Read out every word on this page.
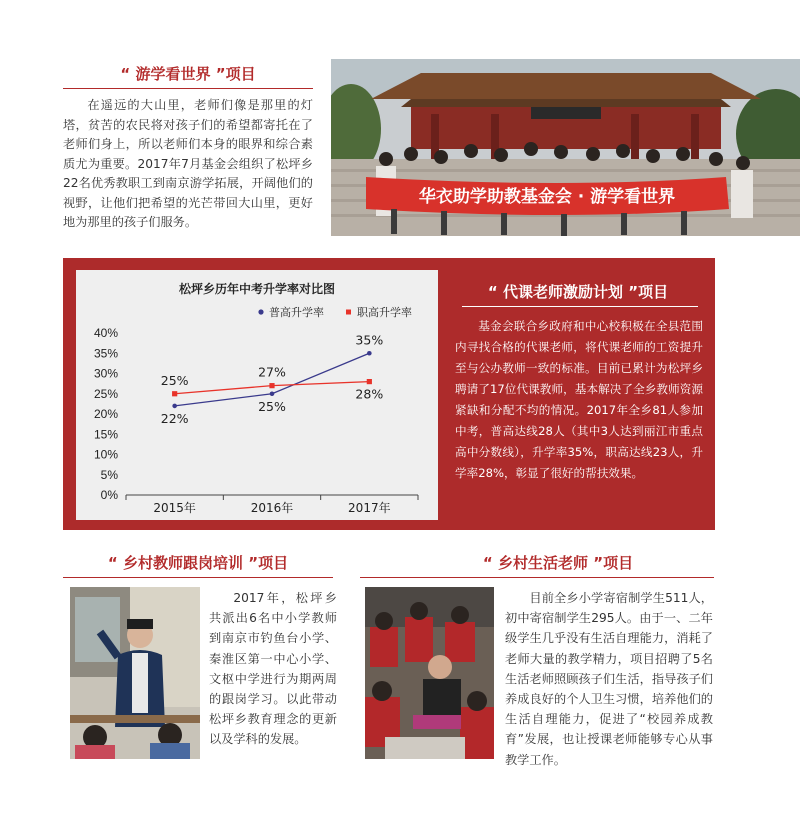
“ 游学看世界 ”项目

在遥远的大山里，老师们像是那里的灯塔，贫苦的农民将对孩子们的希望都寄托在了老师们身上，所以老师们本身的眼界和综合素质尤为重要。2017年7月基金会组织了松坪乡22名优秀教职工到南京游学拓展，开阔他们的视野，让他们把希望的光芒带回大山里，更好地为那里的孩子们服务。

华衣助学助教基金会 · 游学看世界
松坪乡历年中考升学率对比图
普高升学率	职高升学率
0%
5%
10%
15%
20%
25%
30%
35%
40%
2015年	2016年	2017年
22%
25%
35%
25%
27%
28%
“ 代课老师激励计划 ”项目

基金会联合乡政府和中心校积极在全县范围内寻找合格的代课老师，将代课老师的工资提升至与公办教师一致的标准。目前已累计为松坪乡聘请了17位代课教师，基本解决了全乡教师资源紧缺和分配不均的情况。2017年全乡81人参加中考，普高达线28人（其中3人达到丽江市重点高中分数线），升学率35%，职高达线23人，升学率28%，彰显了很好的帮扶效果。

“ 乡村教师跟岗培训 ”项目

2017年，松坪乡共派出6名中小学教师到南京市钓鱼台小学、秦淮区第一中心小学、文枢中学进行为期两周的跟岗学习。以此带动松坪乡教育理念的更新以及学科的发展。

“ 乡村生活老师 ”项目

目前全乡小学寄宿制学生511人，初中寄宿制学生295人。由于一、二年级学生几乎没有生活自理能力，消耗了老师大量的教学精力，项目招聘了5名生活老师照顾孩子们生活，指导孩子们养成良好的个人卫生习惯，培养他们的生活自理能力，促进了“校园养成教育”发展，也让授课老师能够专心从事教学工作。
